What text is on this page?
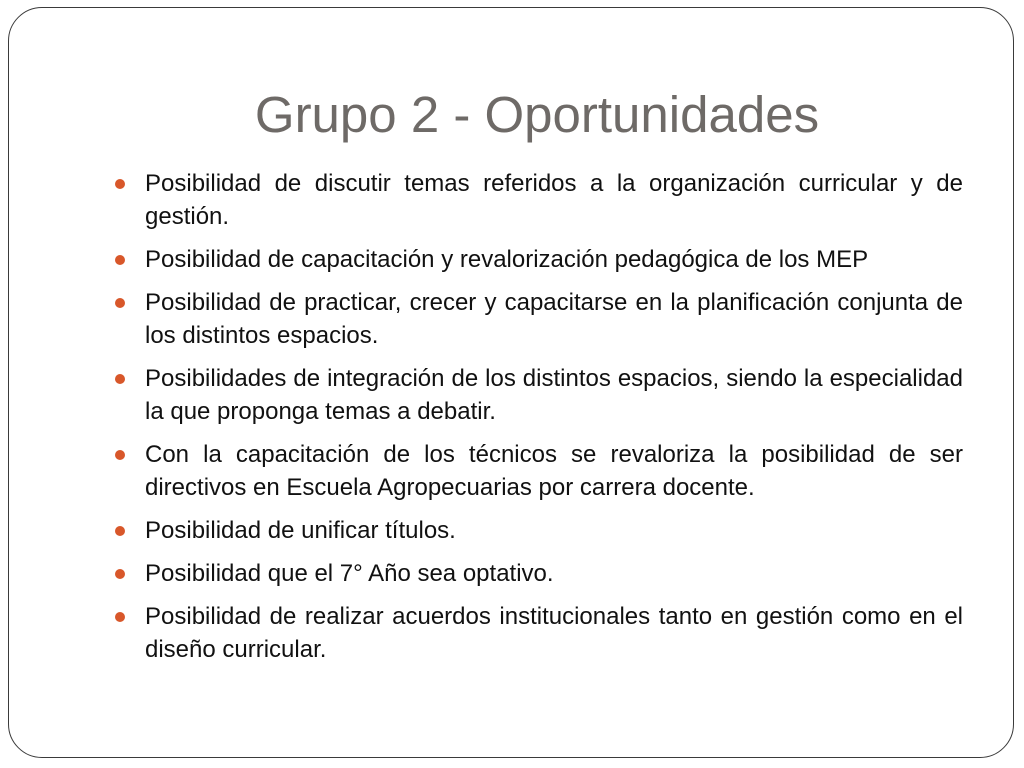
Grupo 2 - Oportunidades
Posibilidad de discutir temas referidos a la organización curricular y de gestión.
Posibilidad de capacitación y revalorización pedagógica de los MEP
Posibilidad de practicar, crecer y capacitarse en la planificación conjunta de los distintos espacios.
Posibilidades de integración de los distintos espacios, siendo la especialidad la que proponga temas a debatir.
Con la capacitación de los técnicos se revaloriza la posibilidad de ser directivos en Escuela Agropecuarias por carrera docente.
Posibilidad de unificar títulos.
Posibilidad que el 7° Año sea optativo.
Posibilidad de realizar acuerdos institucionales tanto en gestión como en el diseño curricular.
